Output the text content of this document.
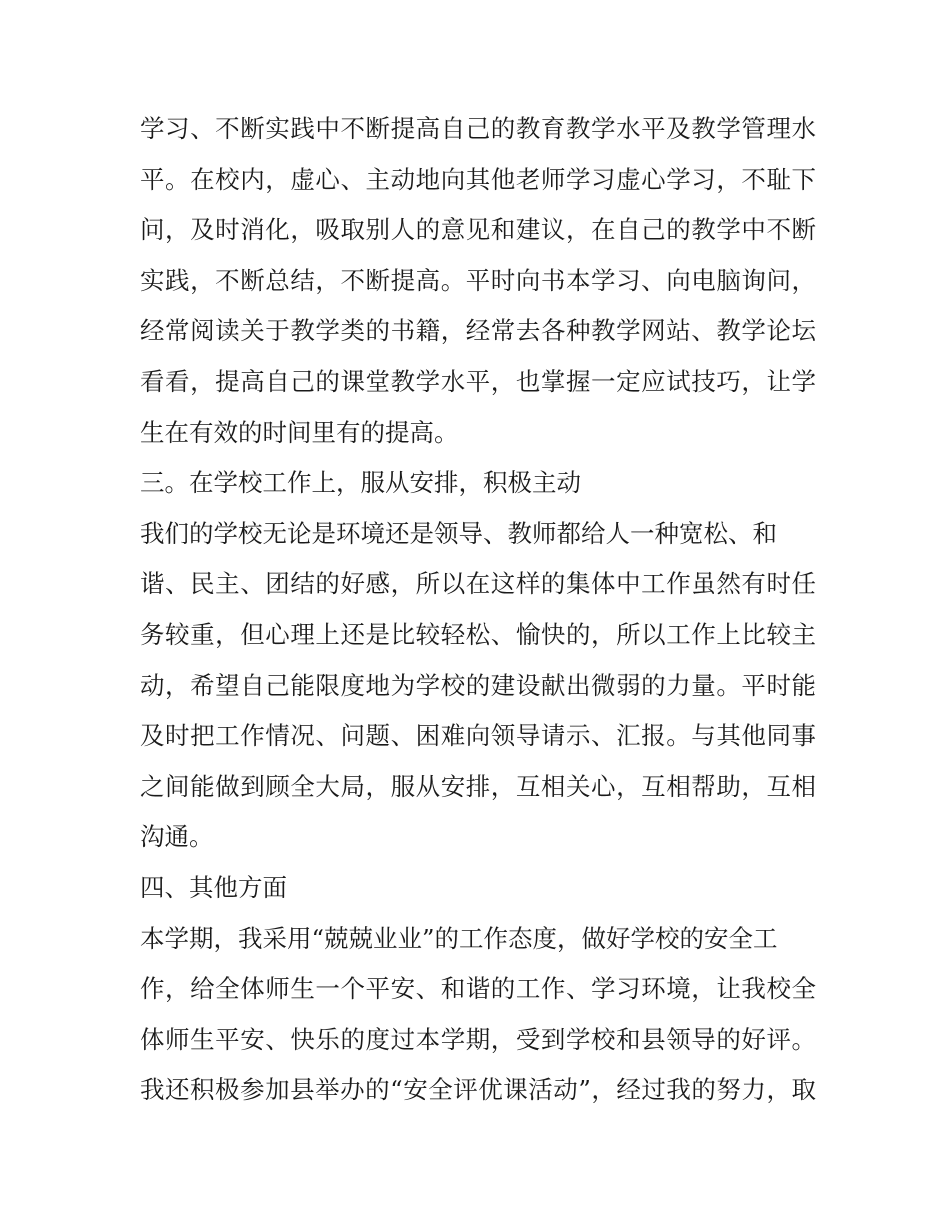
学习、不断实践中不断提高自己的教育教学水平及教学管理水
平。在校内，虚心、主动地向其他老师学习虚心学习，不耻下
问，及时消化，吸取别人的意见和建议，在自己的教学中不断
实践，不断总结，不断提高。平时向书本学习、向电脑询问，
经常阅读关于教学类的书籍，经常去各种教学网站、教学论坛
看看，提高自己的课堂教学水平，也掌握一定应试技巧，让学
生在有效的时间里有的提高。
三。在学校工作上，服从安排，积极主动
我们的学校无论是环境还是领导、教师都给人一种宽松、和
谐、民主、团结的好感，所以在这样的集体中工作虽然有时任
务较重，但心理上还是比较轻松、愉快的，所以工作上比较主
动，希望自己能限度地为学校的建设献出微弱的力量。平时能
及时把工作情况、问题、困难向领导请示、汇报。与其他同事
之间能做到顾全大局，服从安排，互相关心，互相帮助，互相
沟通。
四、其他方面
本学期，我采用“兢兢业业”的工作态度，做好学校的安全工
作，给全体师生一个平安、和谐的工作、学习环境，让我校全
体师生平安、快乐的度过本学期，受到学校和县领导的好评。
我还积极参加县举办的“安全评优课活动”，经过我的努力，取
